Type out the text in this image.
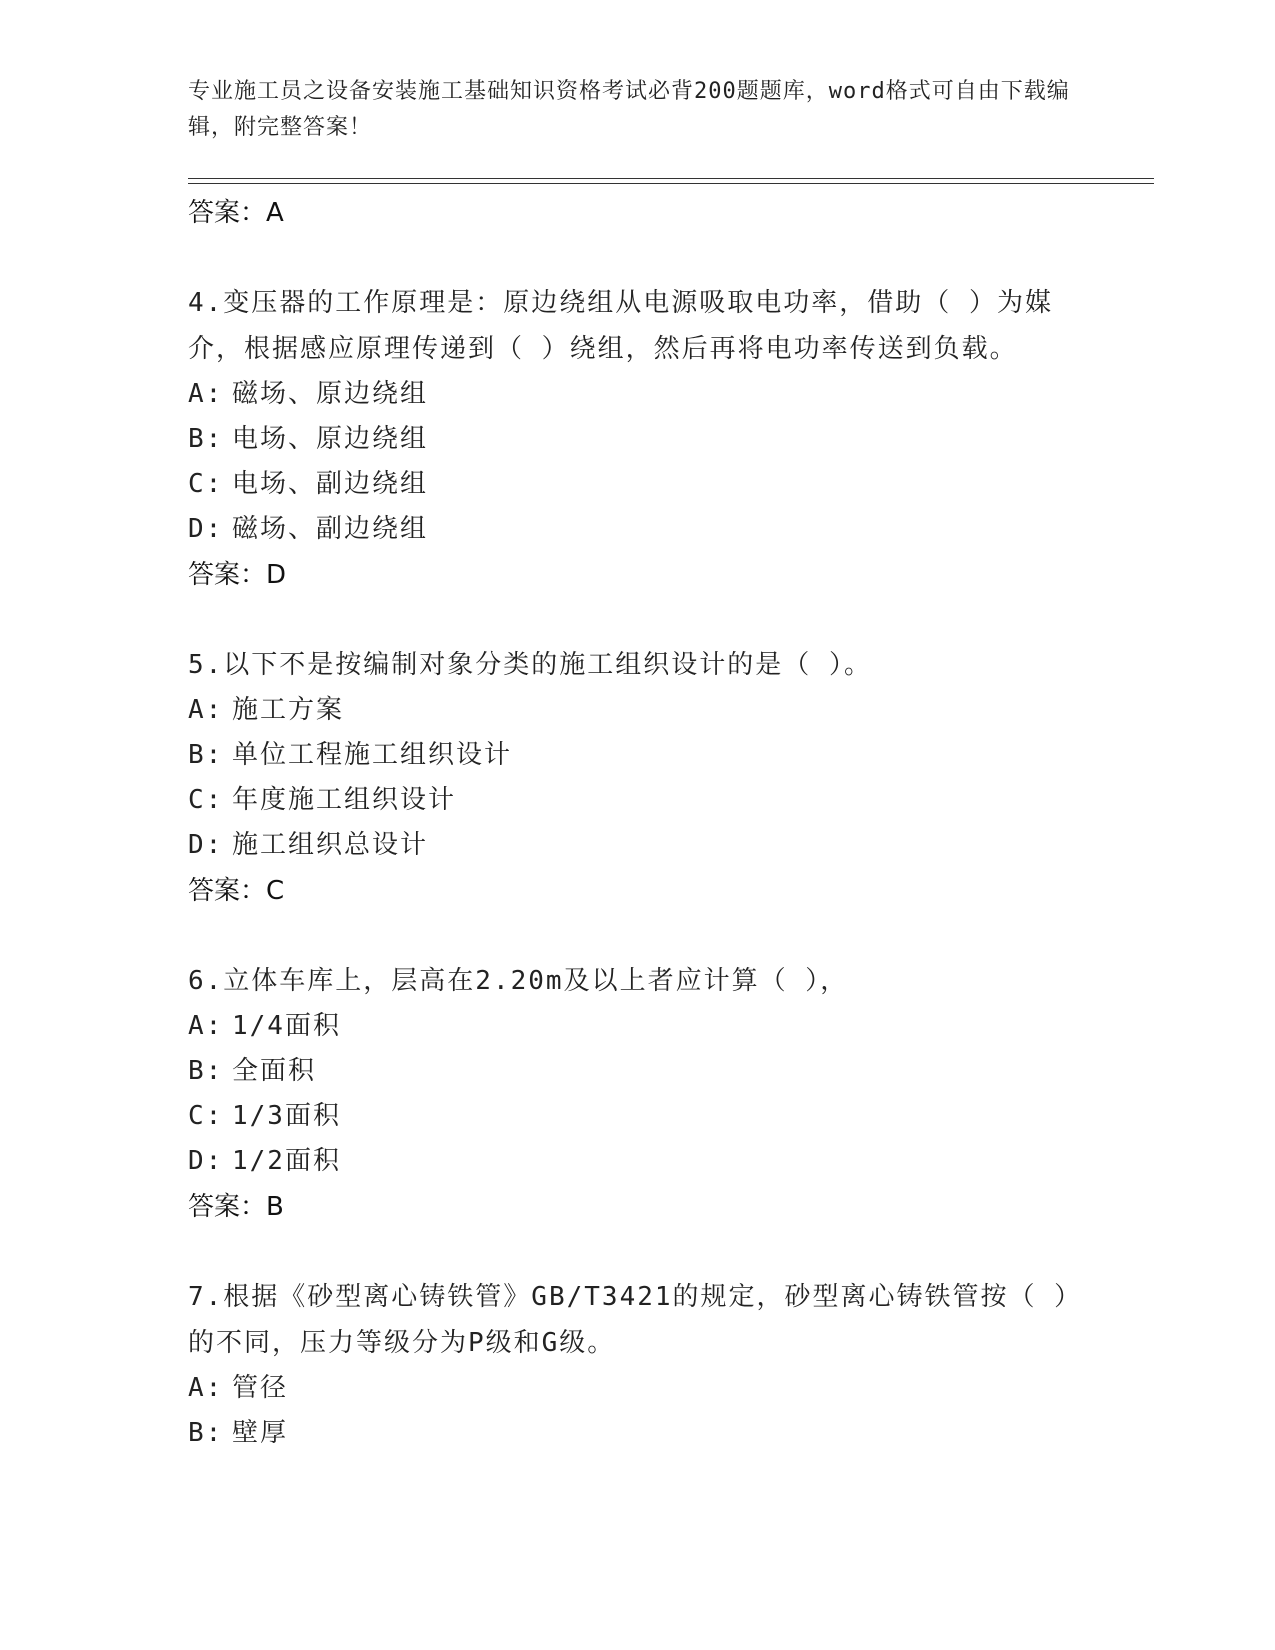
专业施工员之设备安装施工基础知识资格考试必背200题题库，word格式可自由下载编辑，附完整答案！
答案：A
4.变压器的工作原理是：原边绕组从电源吸取电功率，借助（ ）为媒介，根据感应原理传递到（ ）绕组，然后再将电功率传送到负载。
A: 磁场、原边绕组
B: 电场、原边绕组
C: 电场、副边绕组
D: 磁场、副边绕组
答案：D
5.以下不是按编制对象分类的施工组织设计的是（ ）。
A: 施工方案
B: 单位工程施工组织设计
C: 年度施工组织设计
D: 施工组织总设计
答案：C
6.立体车库上，层高在2.20m及以上者应计算（ ），
A: 1/4面积
B: 全面积
C: 1/3面积
D: 1/2面积
答案：B
7.根据《砂型离心铸铁管》GB/T3421的规定，砂型离心铸铁管按（ ）的不同，压力等级分为P级和G级。
A: 管径
B: 壁厚
